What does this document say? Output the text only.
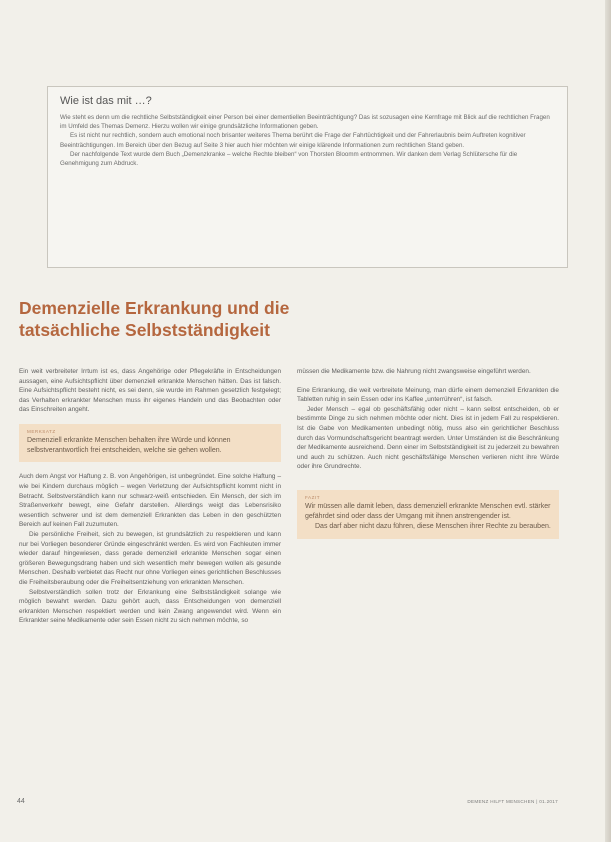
Wie ist das mit …?

Wie steht es denn um die rechtliche Selbstständigkeit einer Person bei einer dementiellen Beeinträchtigung? Das ist sozusagen eine Kernfrage mit Blick auf die rechtlichen Fragen im Umfeld des Themas Demenz. Hierzu wollen wir einige grundsätzliche Informationen geben.

Es ist nicht nur rechtlich, sondern auch emotional noch brisanter weiteres Thema berührt die Frage der Fahrtüchtigkeit und der Fahrerlaubnis beim Auftreten kognitiver Beeinträchtigungen. Im Bereich über den Bezug auf Seite 3 hier auch hier möchten wir einige klärende Informationen zum rechtlichen Stand geben.

Der nachfolgende Text wurde dem Buch „Demenzkranke – welche Rechte bleiben“ von Thorsten Bloomm entnommen. Wir danken dem Verlag Schlütersche für die Genehmigung zum Abdruck.

Demenzielle Erkrankung und die
tatsächliche Selbstständigkeit

Ein weit verbreiteter Irrtum ist es, dass Angehörige oder Pflegekräfte in Entscheidungen aussagen, eine Aufsichtspflicht über demenziell erkrankte Menschen hätten. Das ist falsch. Eine Aufsichtspflicht besteht nicht, es sei denn, sie wurde im Rahmen gesetzlich festgelegt; das Verhalten erkrankter Menschen muss ihr eigenes Handeln und das Beobachten oder das Einschreiten angeht.

MERKSATZ

Demenziell erkrankte Menschen behalten ihre Würde und können selbstverantwortlich frei entscheiden, welche sie gehen wollen.

Auch dem Angst vor Haftung z. B. von Angehörigen, ist unbegründet. Eine solche Haftung – wie bei Kindern durchaus möglich – wegen Verletzung der Aufsichtspflicht kommt nicht in Betracht. Selbstverständlich kann nur schwarz-weiß entschieden. Ein Mensch, der sich im Straßenverkehr bewegt, eine Gefahr darstellen. Allerdings weigt das Lebensrisiko wesentlich schwerer und ist dem demenziell Erkrankten das Leben in den geschützten Bereich auf keinen Fall zuzumuten.

Die persönliche Freiheit, sich zu bewegen, ist grundsätzlich zu respektieren und kann nur bei Vorliegen besonderer Gründe eingeschränkt werden. Es wird von Fachleuten immer wieder darauf hingewiesen, dass gerade demenziell erkrankte Menschen sogar einen größeren Bewegungsdrang haben und sich wesentlich mehr bewegen wollen als gesunde Menschen. Deshalb verbietet das Recht nur ohne Vorliegen eines gerichtlichen Beschlusses die Freiheitsberaubung oder die Freiheitsentziehung von erkrankten Menschen.

Selbstverständlich sollen trotz der Erkrankung eine Selbstständigkeit solange wie möglich bewahrt werden. Dazu gehört auch, dass Entscheidungen von demenziell erkrankten Menschen respektiert werden und kein Zwang angewendet wird. Wenn ein Erkrankter seine Medikamente oder sein Essen nicht zu sich nehmen möchte, so

müssen die Medikamente bzw. die Nahrung nicht zwangsweise eingeführt werden.

Eine Erkrankung, die weit verbreitete Meinung, man dürfe einem demenziell Erkrankten die Tabletten ruhig in sein Essen oder ins Kaffee „unterrühren“, ist falsch.

Jeder Mensch – egal ob geschäftsfähig oder nicht – kann selbst entscheiden, ob er bestimmte Dinge zu sich nehmen möchte oder nicht. Dies ist in jedem Fall zu respektieren. Ist die Gabe von Medikamenten unbedingt nötig, muss also ein gerichtlicher Beschluss durch das Vormundschaftsgericht beantragt werden. Unter Umständen ist die Beschränkung der Medikamente ausreichend. Denn einer im Selbstständigkeit ist zu jederzeit zu bewahren und auch zu schützen. Auch nicht geschäftsfähige Menschen verlieren nicht ihre Würde oder ihre Grundrechte.

FAZIT

Wir müssen alle damit leben, dass demenziell erkrankte Menschen evtl. stärker gefährdet sind oder dass der Umgang mit ihnen anstrengender ist.

Das darf aber nicht dazu führen, diese Menschen ihrer Rechte zu berauben.

44	DEMENZ HILFT MENSCHEN | 01.2017
